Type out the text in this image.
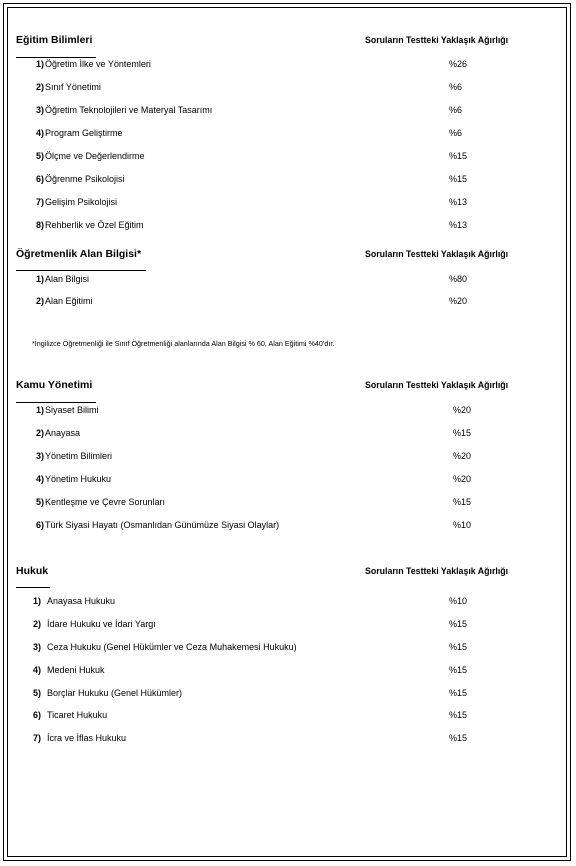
Eğitim Bilimleri	Soruların Testteki Yaklaşık Ağırlığı
1) Öğretim İlke ve Yöntemleri	%26
2) Sınıf Yönetimi	%6
3) Öğretim Teknolojileri ve Materyal Tasarımı	%6
4) Program Geliştirme	%6
5) Ölçme ve Değerlendirme	%15
6) Öğrenme Psikolojisi	%15
7) Gelişim Psikolojisi	%13
8) Rehberlik ve Özel Eğitim	%13
Öğretmenlik Alan Bilgisi*	Soruların Testteki Yaklaşık Ağırlığı
1) Alan Bilgisi	%80
2) Alan Eğitimi	%20
*İngilizce Öğretmenliği ile Sınıf Öğretmenliği alanlarında Alan Bilgisi % 60, Alan Eğitimi %40’dır.
Kamu Yönetimi	Soruların Testteki Yaklaşık Ağırlığı
1) Siyaset Bilimi	%20
2) Anayasa	%15
3) Yönetim Bilimleri	%20
4) Yönetim Hukuku	%20
5) Kentleşme ve Çevre Sorunları	%15
6) Türk Siyasi Hayatı (Osmanlıdan Günümüze Siyasi Olaylar)	%10
Hukuk	Soruların Testteki Yaklaşık Ağırlığı
1) Anayasa Hukuku	%10
2) İdare Hukuku ve İdari Yargı	%15
3) Ceza Hukuku (Genel Hükümler ve Ceza Muhakemesi Hukuku)	%15
4) Medeni Hukuk	%15
5) Borçlar Hukuku (Genel Hükümler)	%15
6) Ticaret Hukuku	%15
7) İcra ve İflas Hukuku	%15
